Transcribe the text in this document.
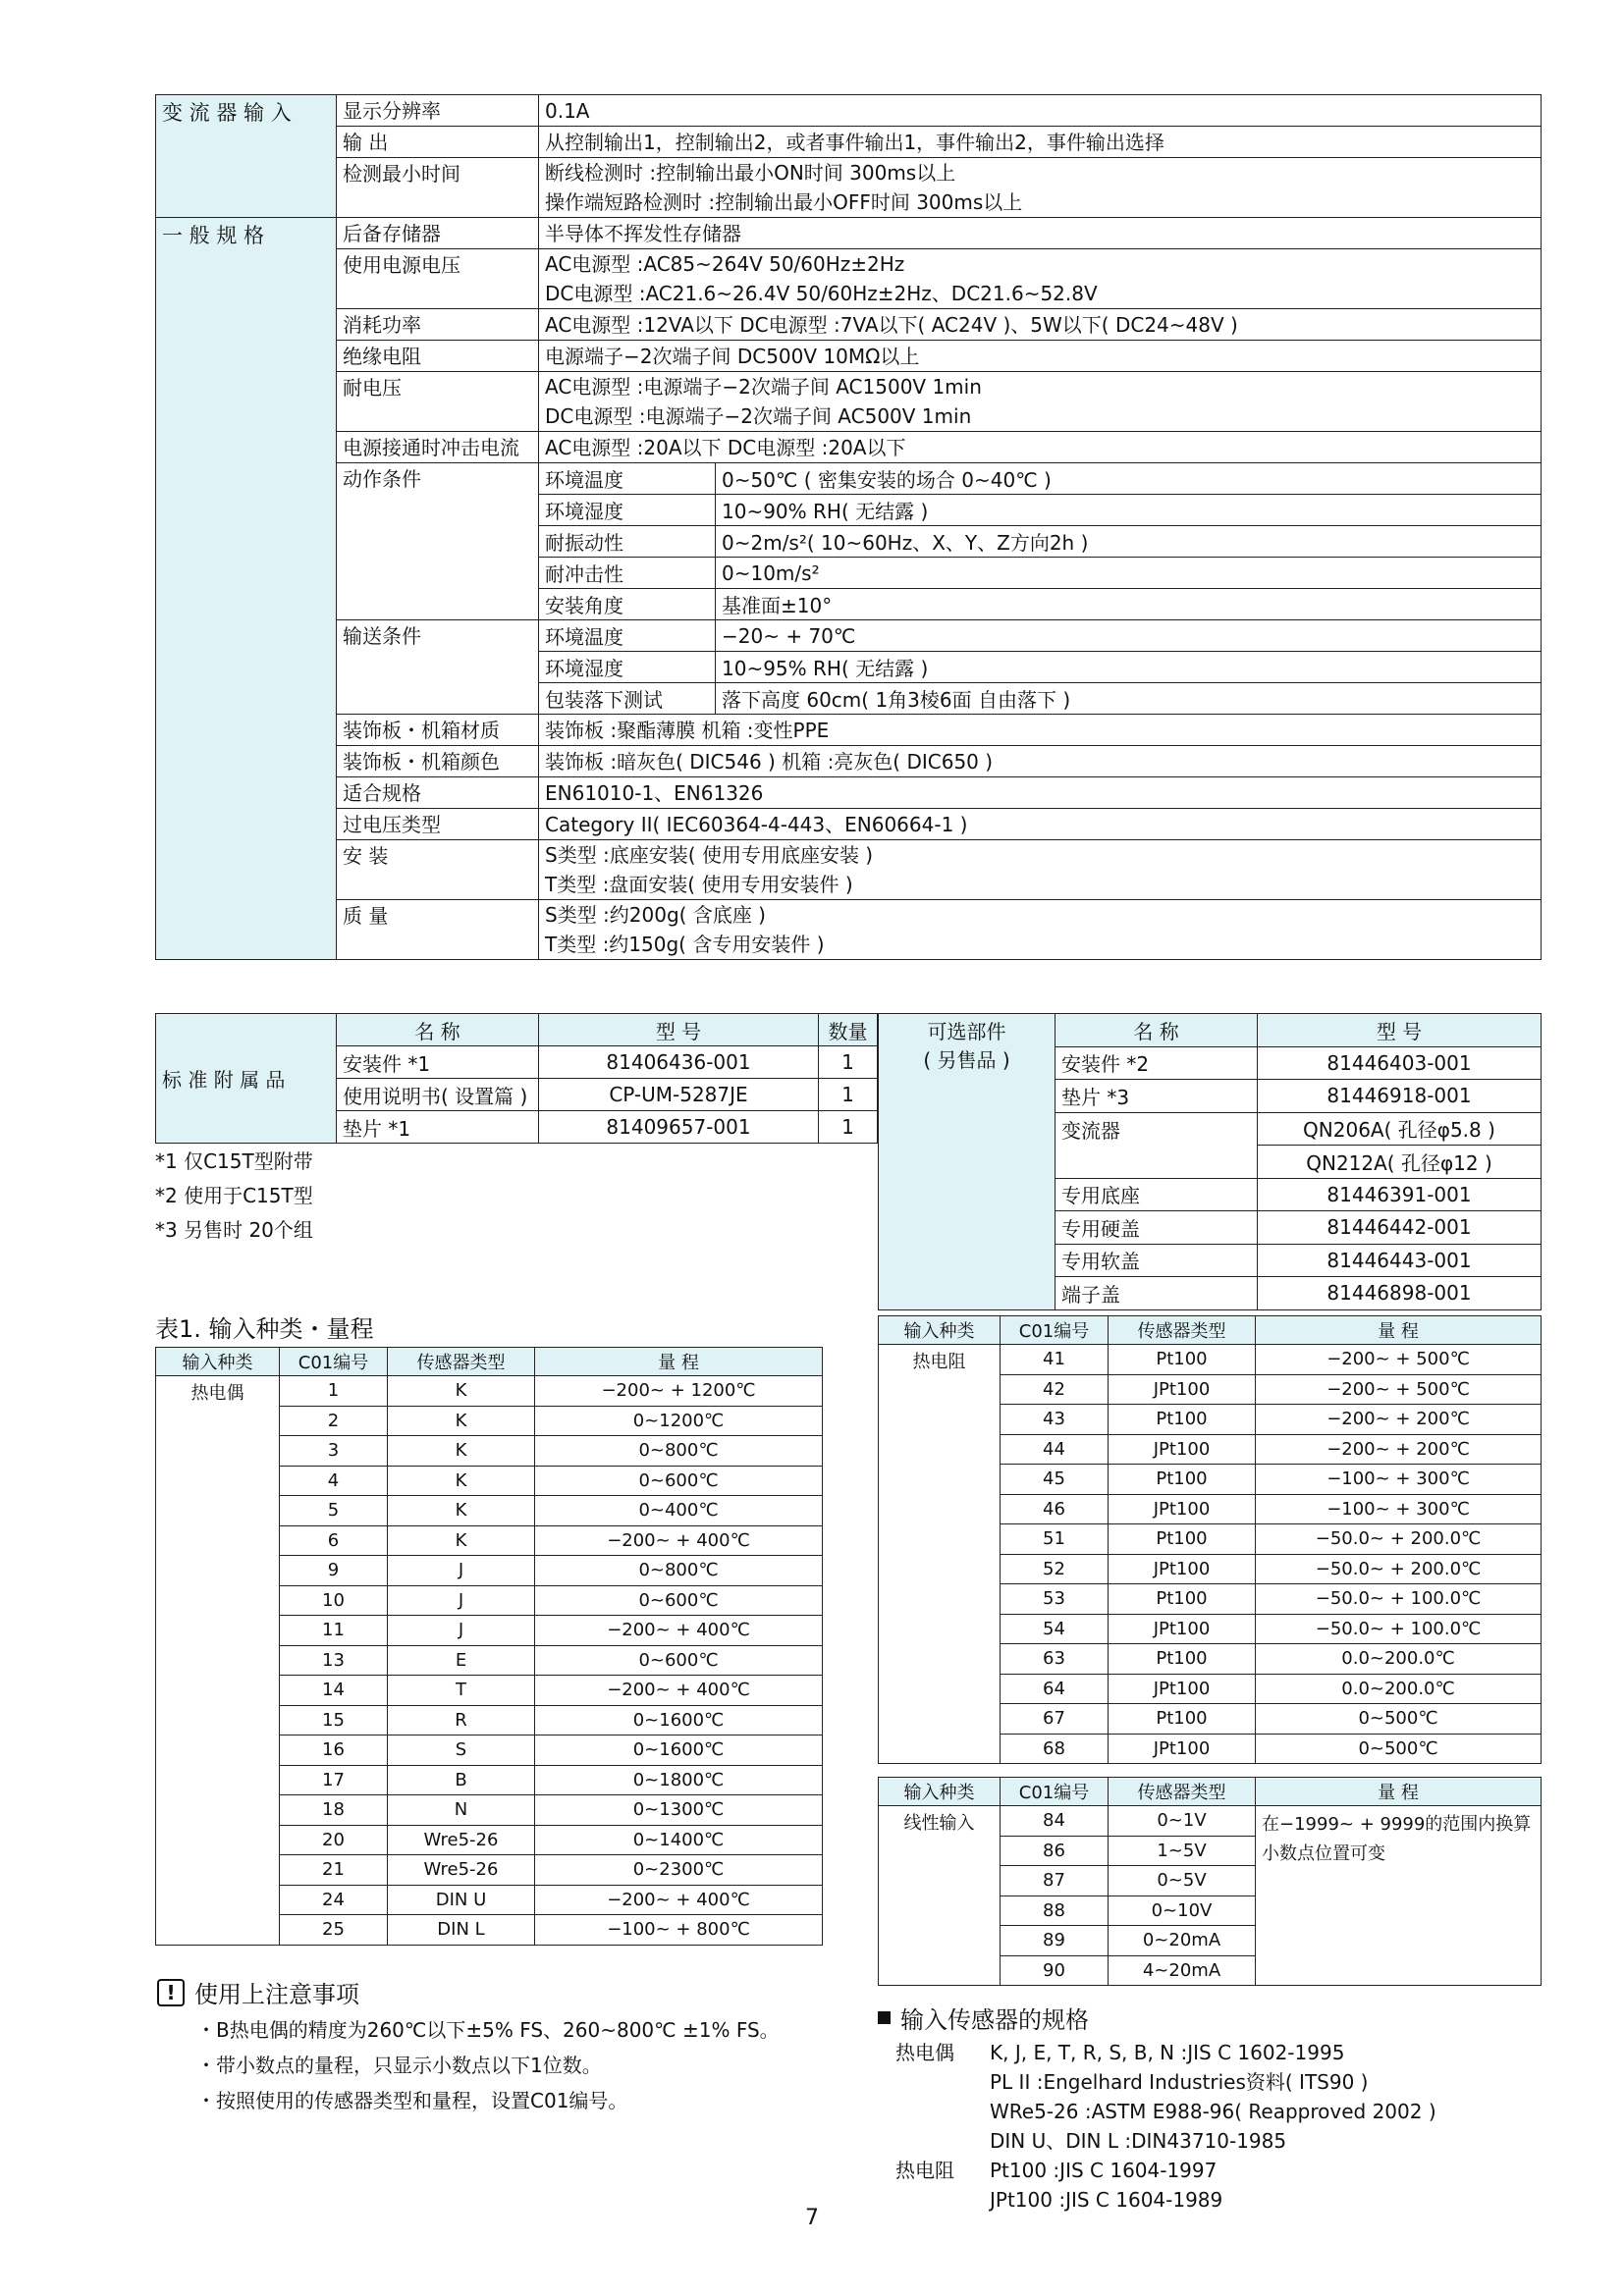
变 流 器 输 入	显示分辨率	0.1A	

	输 出	从控制输出1，控制输出2，或者事件输出1，事件输出2，事件输出选择	

	检测最小时间	断线检测时 :控制输出最小ON时间 300ms以上
操作端短路检测时 :控制输出最小OFF时间 300ms以上	

一 般 规 格	后备存储器	半导体不挥发性存储器	

	使用电源电压	AC电源型 :AC85~264V 50/60Hz±2Hz
DC电源型 :AC21.6~26.4V 50/60Hz±2Hz、DC21.6~52.8V	

	消耗功率	AC电源型 :12VA以下 DC电源型 :7VA以下( AC24V )、5W以下( DC24~48V )	

	绝缘电阻	电源端子−2次端子间 DC500V 10MΩ以上	

	耐电压	AC电源型 :电源端子−2次端子间 AC1500V 1min
DC电源型 :电源端子−2次端子间 AC500V 1min	

	电源接通时冲击电流	AC电源型 :20A以下 DC电源型 :20A以下	

	动作条件	环境温度	0~50℃ ( 密集安装的场合 0~40℃ )
		环境湿度	10~90% RH( 无结露 )
		耐振动性	0~2m/s²( 10~60Hz、X、Y、Z方向2h )
		耐冲击性	0~10m/s²
		安装角度	基准面±10°
	输送条件	环境温度	−20~ + 70℃
		环境湿度	10~95% RH( 无结露 )
		包装落下测试	落下高度 60cm( 1角3棱6面 自由落下 )
	装饰板・机箱材质	装饰板 :聚酯薄膜 机箱 :变性PPE	

	装饰板・机箱颜色	装饰板 :暗灰色( DIC546 ) 机箱 :亮灰色( DIC650 )	

	适合规格	EN61010-1、EN61326	

	过电压类型	Category II( IEC60364-4-443、EN60664-1 )	

	安 装	S类型 :底座安装( 使用专用底座安装 )
T类型 :盘面安装( 使用专用安装件 )	

	质 量	S类型 :约200g( 含底座 )
T类型 :约150g( 含专用安装件 )	
标 准 附 属 品	名 称	型 号	数量
	安装件 *1	81406436-001	1
	使用说明书( 设置篇 )	CP-UM-5287JE	1
	垫片 *1	81409657-001	1
可选部件
( 另售品 )	名 称	型 号
	安装件 *2	81446403-001
	垫片 *3	81446918-001
	变流器	QN206A( 孔径φ5.8 )
		QN212A( 孔径φ12 )
	专用底座	81446391-001
	专用硬盖	81446442-001
	专用软盖	81446443-001
	端子盖	81446898-001
*1 仅C15T型附带
*2 使用于C15T型
*3 另售时 20个组
表1. 输入种类・量程
输入种类	C01编号	传感器类型	量 程
热电偶	1	K	−200~ + 1200℃
	2	K	0~1200℃
	3	K	0~800℃
	4	K	0~600℃
	5	K	0~400℃
	6	K	−200~ + 400℃
	9	J	0~800℃
	10	J	0~600℃
	11	J	−200~ + 400℃
	13	E	0~600℃
	14	T	−200~ + 400℃
	15	R	0~1600℃
	16	S	0~1600℃
	17	B	0~1800℃
	18	N	0~1300℃
	20	Wre5-26	0~1400℃
	21	Wre5-26	0~2300℃
	24	DIN U	−200~ + 400℃
	25	DIN L	−100~ + 800℃
输入种类	C01编号	传感器类型	量 程
热电阻	41	Pt100	−200~ + 500℃
	42	JPt100	−200~ + 500℃
	43	Pt100	−200~ + 200℃
	44	JPt100	−200~ + 200℃
	45	Pt100	−100~ + 300℃
	46	JPt100	−100~ + 300℃
	51	Pt100	−50.0~ + 200.0℃
	52	JPt100	−50.0~ + 200.0℃
	53	Pt100	−50.0~ + 100.0℃
	54	JPt100	−50.0~ + 100.0℃
	63	Pt100	0.0~200.0℃
	64	JPt100	0.0~200.0℃
	67	Pt100	0~500℃
	68	JPt100	0~500℃
输入种类	C01编号	传感器类型	量 程
线性输入	84	0~1V	在−1999~ + 9999的范围内换算小数点位置可变
	86	1~5V	
	87	0~5V	
	88	0~10V	
	89	0~20mA	
	90	4~20mA	
! 使用上注意事项
・B热电偶的精度为260℃以下±5% FS、260~800℃ ±1% FS。
・带小数点的量程，只显示小数点以下1位数。
・按照使用的传感器类型和量程，设置C01编号。
输入传感器的规格
热电偶	K, J, E, T, R, S, B, N :JIS C 1602-1995
PL II :Engelhard Industries资料( ITS90 )
WRe5-26 :ASTM E988-96( Reapproved 2002 )
DIN U、DIN L :DIN43710-1985
热电阻	Pt100 :JIS C 1604-1997
JPt100 :JIS C 1604-1989
7
